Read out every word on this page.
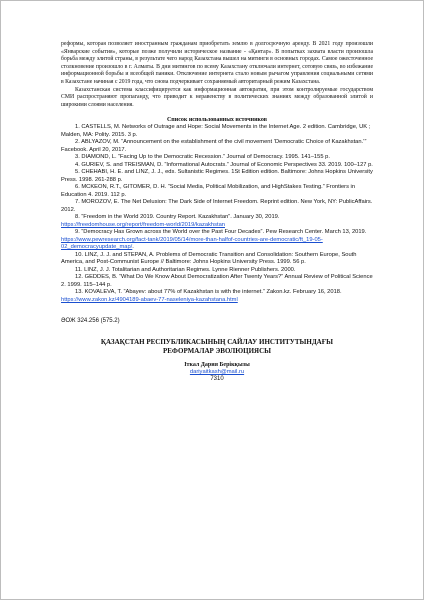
реформы, которая позволяет иностранным гражданам приобретать землю в долгосрочную аренду. В 2021 году произошли «Январские события», которые позже получили историческое название - «Қантар». В попытках захвата власти произошла борьба между элитой страны, в результате чего народ Казахстана вышел на митинги в основных городах. Самое ожесточенное столкновение произошло в г. Алматы. В дни митингов по всему Казахстану отключали интернет, сотовую связь, во избежание информационной борьбы и всеобщей паники. Отключение интернета стало новым рычагом управления социальными сетями в Казахстане начиная с 2019 года, что снова подчеркивает сохраняемый авторитарный режим Казахстана.

Казахстанская система классифицируется как информационная автократия, при этом контролируемые государством СМИ распространяют пропаганду, что приводит к неравенству в политических знаниях между образованной элитой и широкими слоями населения.

Список использованных источников

1. CASTELLS, M. Networks of Outrage and Hope: Social Movements in the Internet Age. 2 edition. Cambridge, UK ; Malden, MA: Polity. 2015. 3 p.

2. ABLYAZOV, M. “Announcement on the establishment of the civil movement ‘Democratic Choice of Kazakhstan.’” Facebook. April 20, 2017.

3. DIAMOND, L. “Facing Up to the Democratic Recession.” Journal of Democracy. 1995. 141–155 p.

4. GURIEV, S. and TREISMAN, D. “Informational Autocrats.” Journal of Economic Perspectives 33. 2019. 100–127 p.

5. CHEHABI, H. E. and LINZ, J. J., eds. Sultanistic Regimes. 1St Edition edition. Baltimore: Johns Hopkins University Press. 1998. 261-288 p.

6. MCKEON, R.T., GITOMER, D. H. “Social Media, Political Mobilization, and HighStakes Testing.” Frontiers in Education 4. 2019. 112 p.

7. MOROZOV, E. The Net Delusion: The Dark Side of Internet Freedom. Reprint edition. New York, NY: PublicAffairs. 2012.

8. “Freedom in the World 2019. Country Report. Kazakhstan”. January 30, 2019. https://freedomhouse.org/report/freedom-world/2019/kazakhstan

9. “Democracy Has Grown across the World over the Past Four Decades”. Pew Research Center. March 13, 2019. https://www.pewresearch.org/fact-tank/2019/05/14/more-than-halfof-countries-are-democratic/ft_19-05-02_democracyupdate_map/.

10. LINZ, J. J. and STEPAN, A. Problems of Democratic Transition and Consolidation: Southern Europe, South America, and Post-Communist Europe // Baltimore: Johns Hopkins University Press. 1999. 56 p.

11. LINZ, J. J. Totalitarian and Authoritarian Regimes. Lynne Rienner Publishers. 2000.

12. GEDDES, B. “What Do We Know About Democratization After Twenty Years?” Annual Review of Political Science 2. 1999. 115–144 p.

13. KOVALEVA, T. “Abayev: about 77% of Kazakhstan is with the internet.” Zakon.kz. February 16, 2018. https://www.zakon.kz/4904189-abaev-77-naseleniya-kazahstana.html

ӘОЖ 324.256 (575.2)

ҚАЗАҚСТАН РЕСПУБЛИКАСЫНЫҢ САЙЛАУ ИНСТИТУТЫНДАҒЫ
РЕФОРМАЛАР ЭВОЛЮЦИЯСЫ

Іткал Дария Берікқызы

dariyaitkash@mail.ru

7310
